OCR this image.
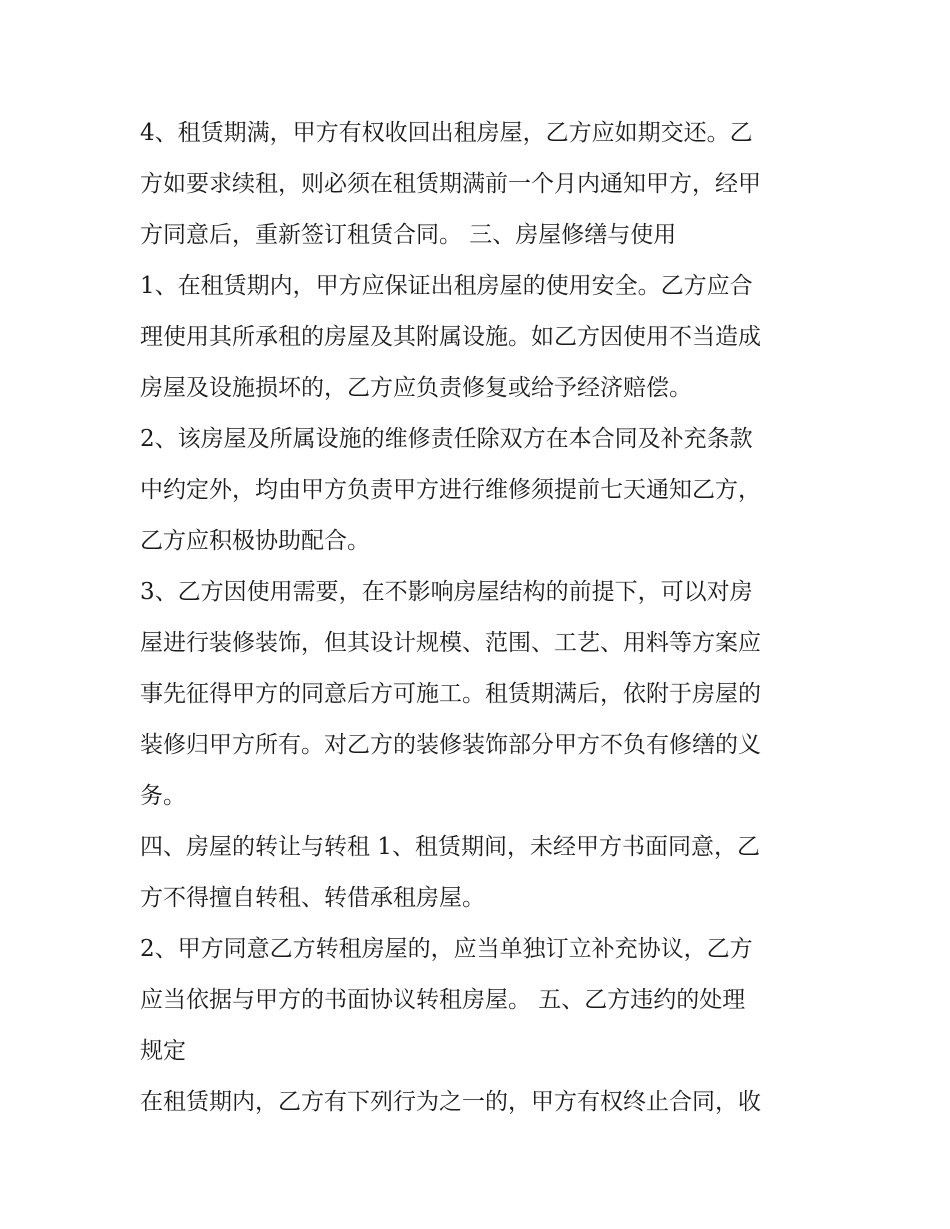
4、租赁期满，甲方有权收回出租房屋，乙方应如期交还。乙
方如要求续租，则必须在租赁期满前一个月内通知甲方，经甲
方同意后，重新签订租赁合同。 三、房屋修缮与使用
1、在租赁期内，甲方应保证出租房屋的使用安全。乙方应合
理使用其所承租的房屋及其附属设施。如乙方因使用不当造成
房屋及设施损坏的，乙方应负责修复或给予经济赔偿。
2、该房屋及所属设施的维修责任除双方在本合同及补充条款
中约定外，均由甲方负责甲方进行维修须提前七天通知乙方，
乙方应积极协助配合。
3、乙方因使用需要，在不影响房屋结构的前提下，可以对房
屋进行装修装饰，但其设计规模、范围、工艺、用料等方案应
事先征得甲方的同意后方可施工。租赁期满后，依附于房屋的
装修归甲方所有。对乙方的装修装饰部分甲方不负有修缮的义
务。
四、房屋的转让与转租 1、租赁期间，未经甲方书面同意，乙
方不得擅自转租、转借承租房屋。
2、甲方同意乙方转租房屋的，应当单独订立补充协议，乙方
应当依据与甲方的书面协议转租房屋。 五、乙方违约的处理
规定
在租赁期内，乙方有下列行为之一的，甲方有权终止合同，收
